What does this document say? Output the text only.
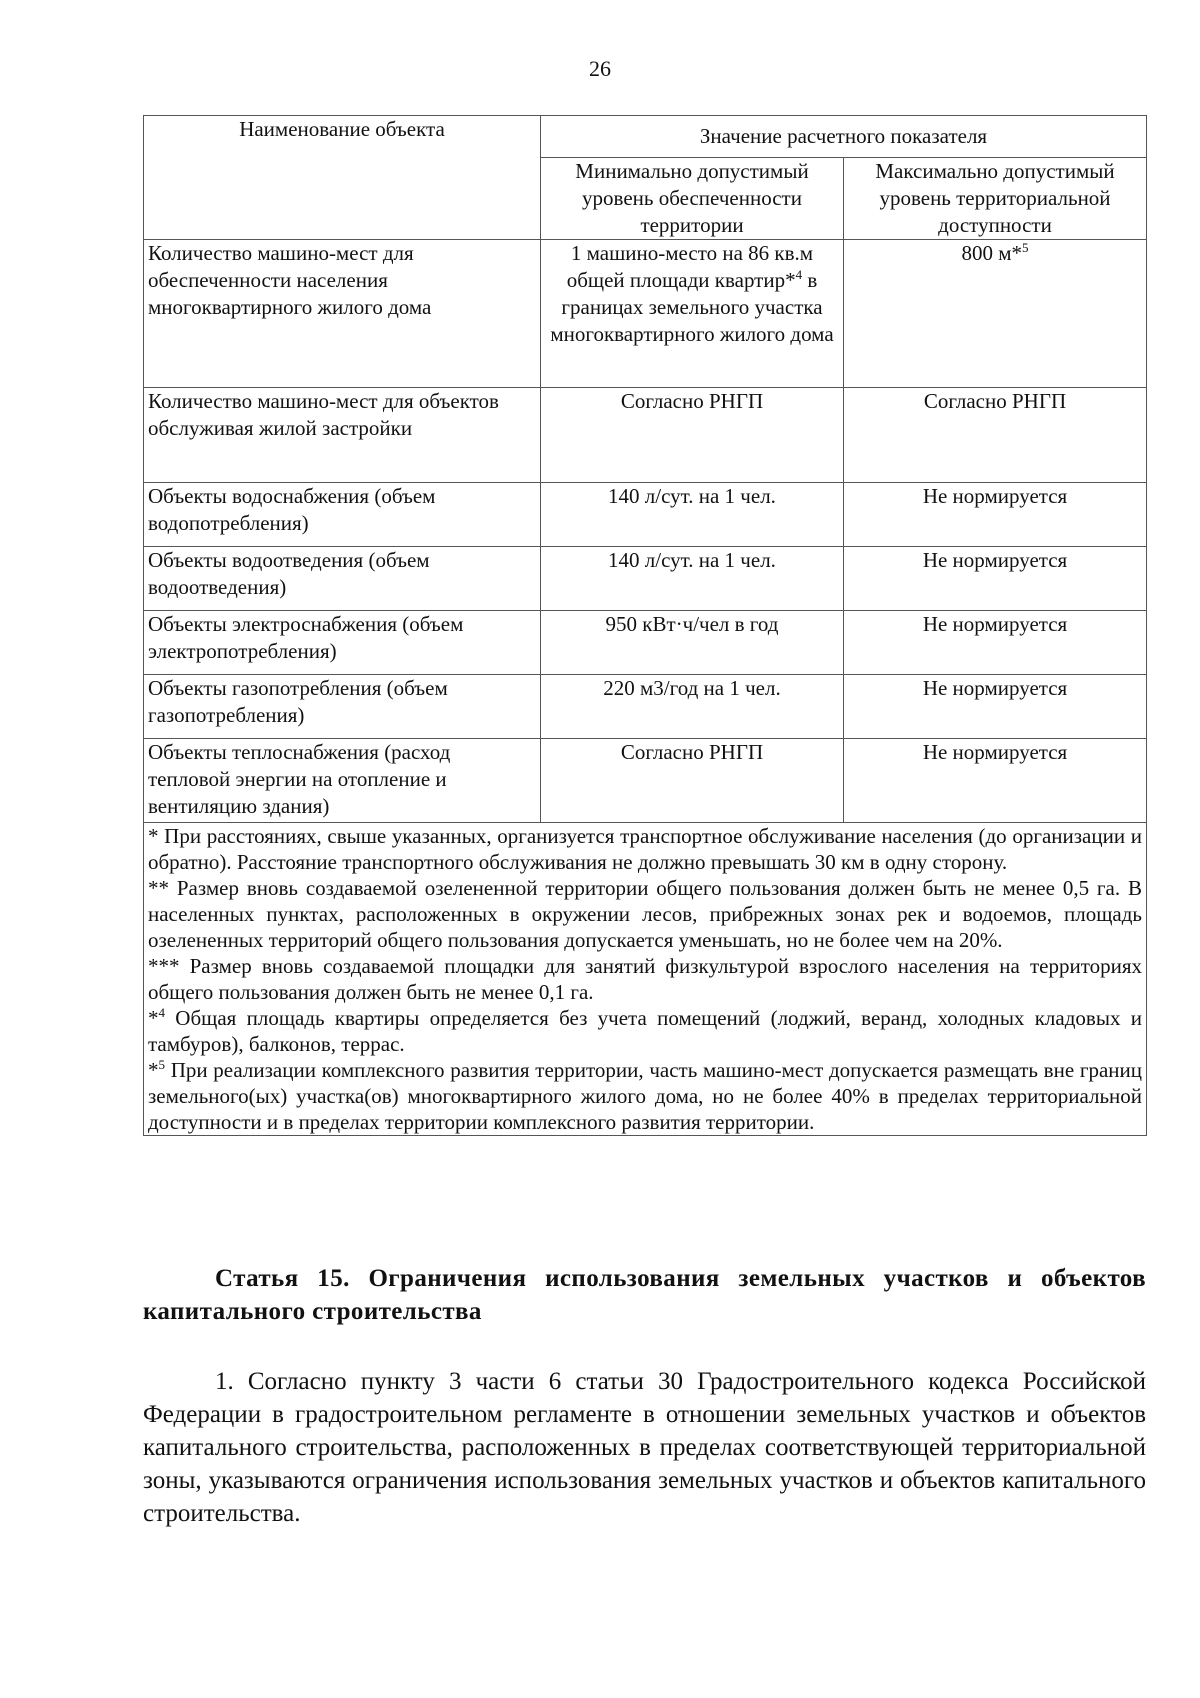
26
Наименование объекта	Значение расчетного показателя	
	Минимально допустимый уровень обеспеченности территории	Максимально допустимый уровень территориальной доступности
Количество машино-мест для обеспеченности населения многоквартирного жилого дома	1 машино-место на 86 кв.м общей площади квартир*$^4$ в границах земельного участка многоквартирного жилого дома	800 м*$^5$
Количество машино-мест для объектов обслуживая жилой застройки	Согласно РНГП	Согласно РНГП
Объекты водоснабжения (объем водопотребления)	140 л/сут. на 1 чел.	Не нормируется
Объекты водоотведения (объем водоотведения)	140 л/сут. на 1 чел.	Не нормируется
Объекты электроснабжения (объем электропотребления)	950 кВт·ч/чел в год	Не нормируется
Объекты газопотребления (объем газопотребления)	220 м3/год на 1 чел.	Не нормируется
Объекты теплоснабжения (расход тепловой энергии на отопление и вентиляцию здания)	Согласно РНГП	Не нормируется

* При расстояниях, свыше указанных, организуется транспортное обслуживание населения (до организации и обратно). Расстояние транспортного обслуживания не должно превышать 30 км в одну сторону.

** Размер вновь создаваемой озелененной территории общего пользования должен быть не менее 0,5 га. В населенных пунктах, расположенных в окружении лесов, прибрежных зонах рек и водоемов, площадь озелененных территорий общего пользования допускается уменьшать, но не более чем на 20%.

*** Размер вновь создаваемой площадки для занятий физкультурой взрослого населения на территориях общего пользования должен быть не менее 0,1 га.

*$^4$ Общая площадь квартиры определяется без учета помещений (лоджий, веранд, холодных кладовых и тамбуров), балконов, террас.

*$^5$ При реализации комплексного развития территории, часть машино-мест допускается размещать вне границ земельного(ых) участка(ов) многоквартирного жилого дома, но не более 40% в пределах территориальной доступности и в пределах территории комплексного развития территории.		

Статья 15. Ограничения использования земельных участков и объектов капитального строительства

1. Согласно пункту 3 части 6 статьи 30 Градостроительного кодекса Российской Федерации в градостроительном регламенте в отношении земельных участков и объектов капитального строительства, расположенных в пределах соответствующей территориальной зоны, указываются ограничения использования земельных участков и объектов капитального строительства.
